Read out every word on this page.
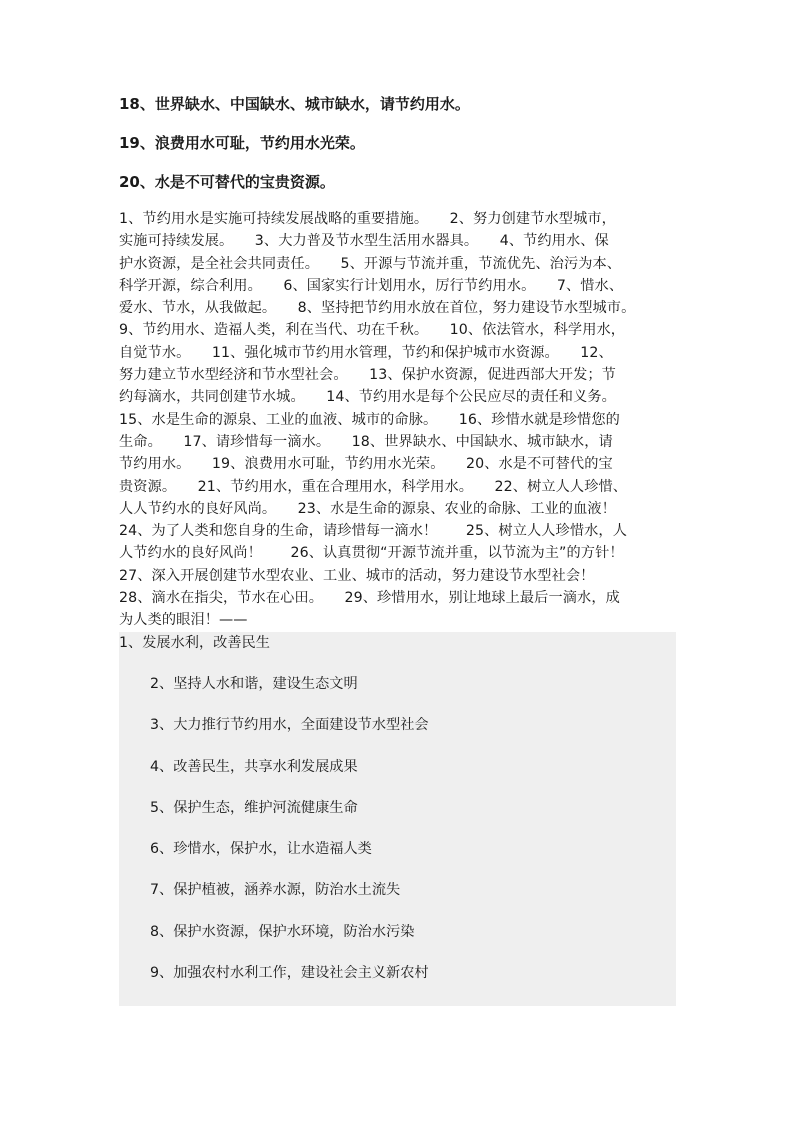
18、世界缺水、中国缺水、城市缺水，请节约用水。

19、浪费用水可耻，节约用水光荣。

20、水是不可替代的宝贵资源。

1、节约用水是实施可持续发展战略的重要措施。　　2、努力创建节水型城市，
实施可持续发展。　　3、大力普及节水型生活用水器具。　　4、节约用水、保
护水资源，是全社会共同责任。　　5、开源与节流并重，节流优先、治污为本、
科学开源，综合利用。　　6、国家实行计划用水，厉行节约用水。　　7、惜水、
爱水、节水，从我做起。　　8、坚持把节约用水放在首位，努力建设节水型城市。
9、节约用水、造福人类，利在当代、功在千秋。　　10、依法管水，科学用水，
自觉节水。　　11、强化城市节约用水管理，节约和保护城市水资源。　　12、
努力建立节水型经济和节水型社会。　　13、保护水资源，促进西部大开发；节
约每滴水，共同创建节水城。　　14、节约用水是每个公民应尽的责任和义务。
15、水是生命的源泉、工业的血液、城市的命脉。　　16、珍惜水就是珍惜您的
生命。　　17、请珍惜每一滴水。　　18、世界缺水、中国缺水、城市缺水，请
节约用水。　　19、浪费用水可耻，节约用水光荣。　　20、水是不可替代的宝
贵资源。　　21、节约用水，重在合理用水，科学用水。　　22、树立人人珍惜、
人人节约水的良好风尚。　　23、水是生命的源泉、农业的命脉、工业的血液！
24、为了人类和您自身的生命，请珍惜每一滴水！　　25、树立人人珍惜水，人
人节约水的良好风尚！　　26、认真贯彻“开源节流并重，以节流为主”的方针！
27、深入开展创建节水型农业、工业、城市的活动，努力建设节水型社会！
28、滴水在指尖，节水在心田。　　29、珍惜用水，别让地球上最后一滴水，成
为人类的眼泪！——
1、发展水利，改善民生
2、坚持人水和谐，建设生态文明
3、大力推行节约用水，全面建设节水型社会
4、改善民生，共享水利发展成果
5、保护生态，维护河流健康生命
6、珍惜水，保护水，让水造福人类
7、保护植被，涵养水源，防治水土流失
8、保护水资源，保护水环境，防治水污染
9、加强农村水利工作，建设社会主义新农村
